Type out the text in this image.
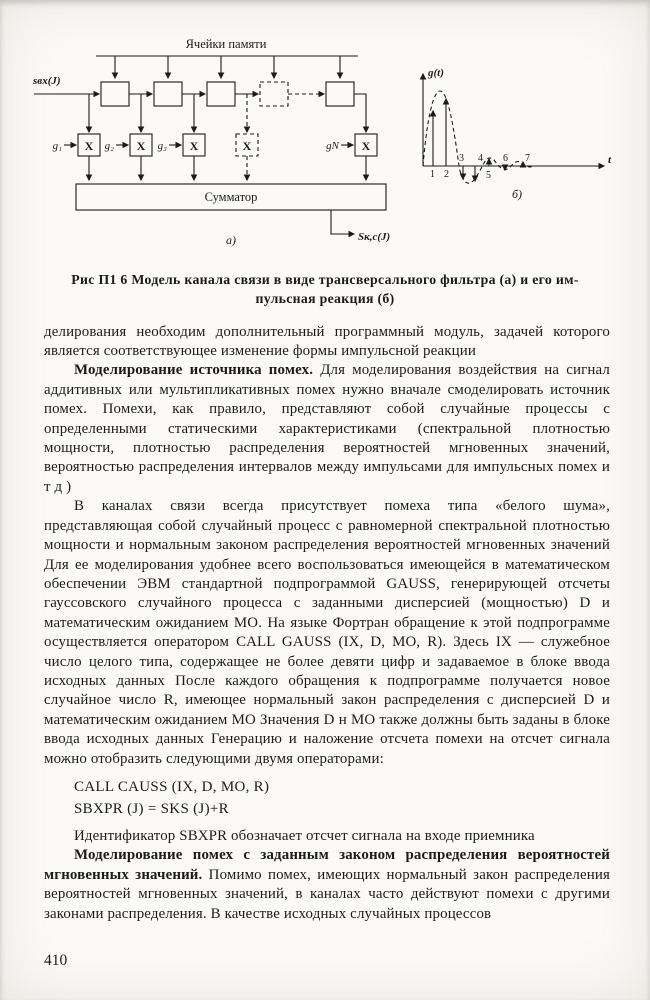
Ячейки памяти
sвх(J)
g₁	g₂	g₃	gN
X	X	X	X	X
Сумматор
а)	Sк,с(J)
g(t)
t
1 2
3 4
5
6 7
б)
Рис П1 6 Модель канала связи в виде трансверсального фильтра (а) и его им-
пульсная реакция (б)

делирования необходим дополнительный программный модуль, задачей которого является соответствующее изменение формы импульсной реакции

Моделирование источника помех. Для моделирования воздействия на сигнал аддитивных или мультипликативных помех нужно вначале смоделировать источник помех. Помехи, как правило, представляют собой случайные процессы с определенными статическими характеристиками (спектральной плотностью мощности, плотностью распределения вероятностей мгновенных значений, вероятностью распределения интервалов между импульсами для импульсных помех и т д )

В каналах связи всегда присутствует помеха типа «белого шума», представляющая собой случайный процесс с равномерной спектральной плотностью мощности и нормальным законом распределения вероятностей мгновенных значений Для ее моделирования удобнее всего воспользоваться имеющейся в математическом обеспечении ЭВМ стандартной подпрограммой GAUSS, генерирующей отсчеты гауссовского случайного процесса с заданными дисперсией (мощностью) D и математическим ожиданием МО. На языке Фортран обращение к этой подпрограмме осуществляется оператором CALL GAUSS (IX, D, МО, R). Здесь IX — служебное число целого типа, содержащее не более девяти цифр и задаваемое в блоке ввода исходных данных После каждого обращения к подпрограмме получается новое случайное число R, имеющее нормальный закон распределения с дисперсией D и математическим ожиданием МО Значения D н МО также должны быть заданы в блоке ввода исходных данных Генерацию и наложение отсчета помехи на отсчет сигнала можно отобразить следующими двумя операторами:

CALL CAUSS (IX, D, МО, R)
SBXPR (J) = SKS (J)+R

Идентификатор SBXPR обозначает отсчет сигнала на входе приемника

Моделирование помех с заданным законом распределения вероятностей мгновенных значений. Помимо помех, имеющих нормальный закон распределения вероятностей мгновенных значений, в каналах часто действуют помехи с другими законами распределения. В качестве исходных случайных процессов

410
